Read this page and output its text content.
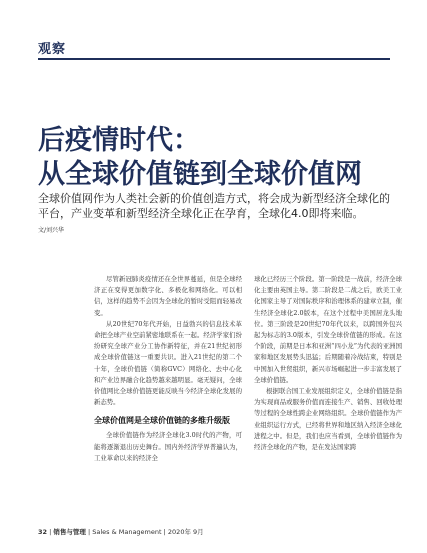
观察
后疫情时代：
从全球价值链到全球价值网
全球价值网作为人类社会新的价值创造方式，将会成为新型经济全球化的
平台，产业变革和新型经济全球化正在孕育，全球化4.0即将来临。
文/刘兴华

尽管新冠肺炎疫情还在全世界蔓延，但是全球经济正在变得更加数字化、多极化和网络化。可以相信，这样的趋势不会因为全球化的暂时受阻而轻易改变。

从20世纪70年代开始，日益勃兴的信息技术革命把全球产业空前紧密地联系在一起。经济学家们纷纷研究全球产业分工协作新特征，并在21世纪初形成全球价值链这一重要共识。进入21世纪的第二个十年，全球价值链（简称GVC）网络化、去中心化和产业边界融合化趋势越来越明显。毫无疑问，全球价值网比全球价值链更能反映当今经济全球化发展的新态势。

全球价值网是全球价值链的多维升级版

全球价值链作为经济全球化3.0时代的产物，可能将逐渐退出历史舞台。国内外经济学界普遍认为，工业革命以来的经济全

球化已经历三个阶段。第一阶段是一战前，经济全球化主要由英国主导。第二阶段是二战之后，欧美工业化国家主导了对国际秩序和治理体系的建章立制，催生经济全球化2.0版本，在这个过程中美国居龙头地位。第三阶段是20世纪70年代以来，以跨国外包兴起为标志的3.0版本，引发全球价值链的形成。在这个阶段，前期是日本和亚洲“四小龙”为代表的亚洲国家和地区发展势头迅猛；后期随着冷战结束，特别是中国加入世贸组织，新兴市场崛起进一步丰富发展了全球价值链。

根据联合国工业发展组织定义，全球价值链是指为实现商品或服务价值而连接生产、销售、回收处理等过程的全球性跨企业网络组织。全球价值链作为产业组织运行方式，已经将世界和地区纳入经济全球化进程之中。但是，我们也应当看到，全球价值链作为经济全球化的产物，是在发达国家跨

32 | 销售与管理 | Sales & Management | 2020年 9月
